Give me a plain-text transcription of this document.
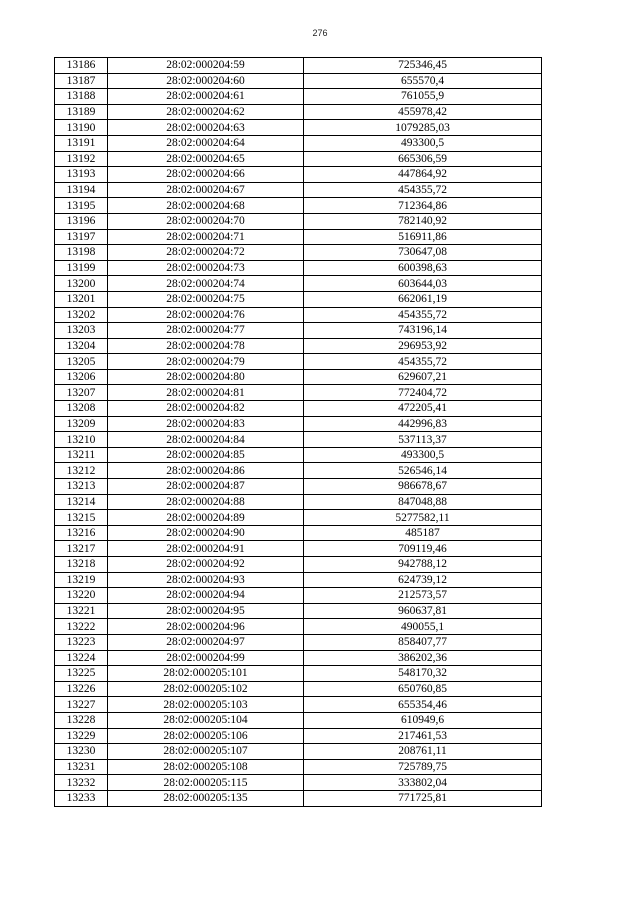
276
13186	28:02:000204:59	725346,45
13187	28:02:000204:60	655570,4
13188	28:02:000204:61	761055,9
13189	28:02:000204:62	455978,42
13190	28:02:000204:63	1079285,03
13191	28:02:000204:64	493300,5
13192	28:02:000204:65	665306,59
13193	28:02:000204:66	447864,92
13194	28:02:000204:67	454355,72
13195	28:02:000204:68	712364,86
13196	28:02:000204:70	782140,92
13197	28:02:000204:71	516911,86
13198	28:02:000204:72	730647,08
13199	28:02:000204:73	600398,63
13200	28:02:000204:74	603644,03
13201	28:02:000204:75	662061,19
13202	28:02:000204:76	454355,72
13203	28:02:000204:77	743196,14
13204	28:02:000204:78	296953,92
13205	28:02:000204:79	454355,72
13206	28:02:000204:80	629607,21
13207	28:02:000204:81	772404,72
13208	28:02:000204:82	472205,41
13209	28:02:000204:83	442996,83
13210	28:02:000204:84	537113,37
13211	28:02:000204:85	493300,5
13212	28:02:000204:86	526546,14
13213	28:02:000204:87	986678,67
13214	28:02:000204:88	847048,88
13215	28:02:000204:89	5277582,11
13216	28:02:000204:90	485187
13217	28:02:000204:91	709119,46
13218	28:02:000204:92	942788,12
13219	28:02:000204:93	624739,12
13220	28:02:000204:94	212573,57
13221	28:02:000204:95	960637,81
13222	28:02:000204:96	490055,1
13223	28:02:000204:97	858407,77
13224	28:02:000204:99	386202,36
13225	28:02:000205:101	548170,32
13226	28:02:000205:102	650760,85
13227	28:02:000205:103	655354,46
13228	28:02:000205:104	610949,6
13229	28:02:000205:106	217461,53
13230	28:02:000205:107	208761,11
13231	28:02:000205:108	725789,75
13232	28:02:000205:115	333802,04
13233	28:02:000205:135	771725,81
